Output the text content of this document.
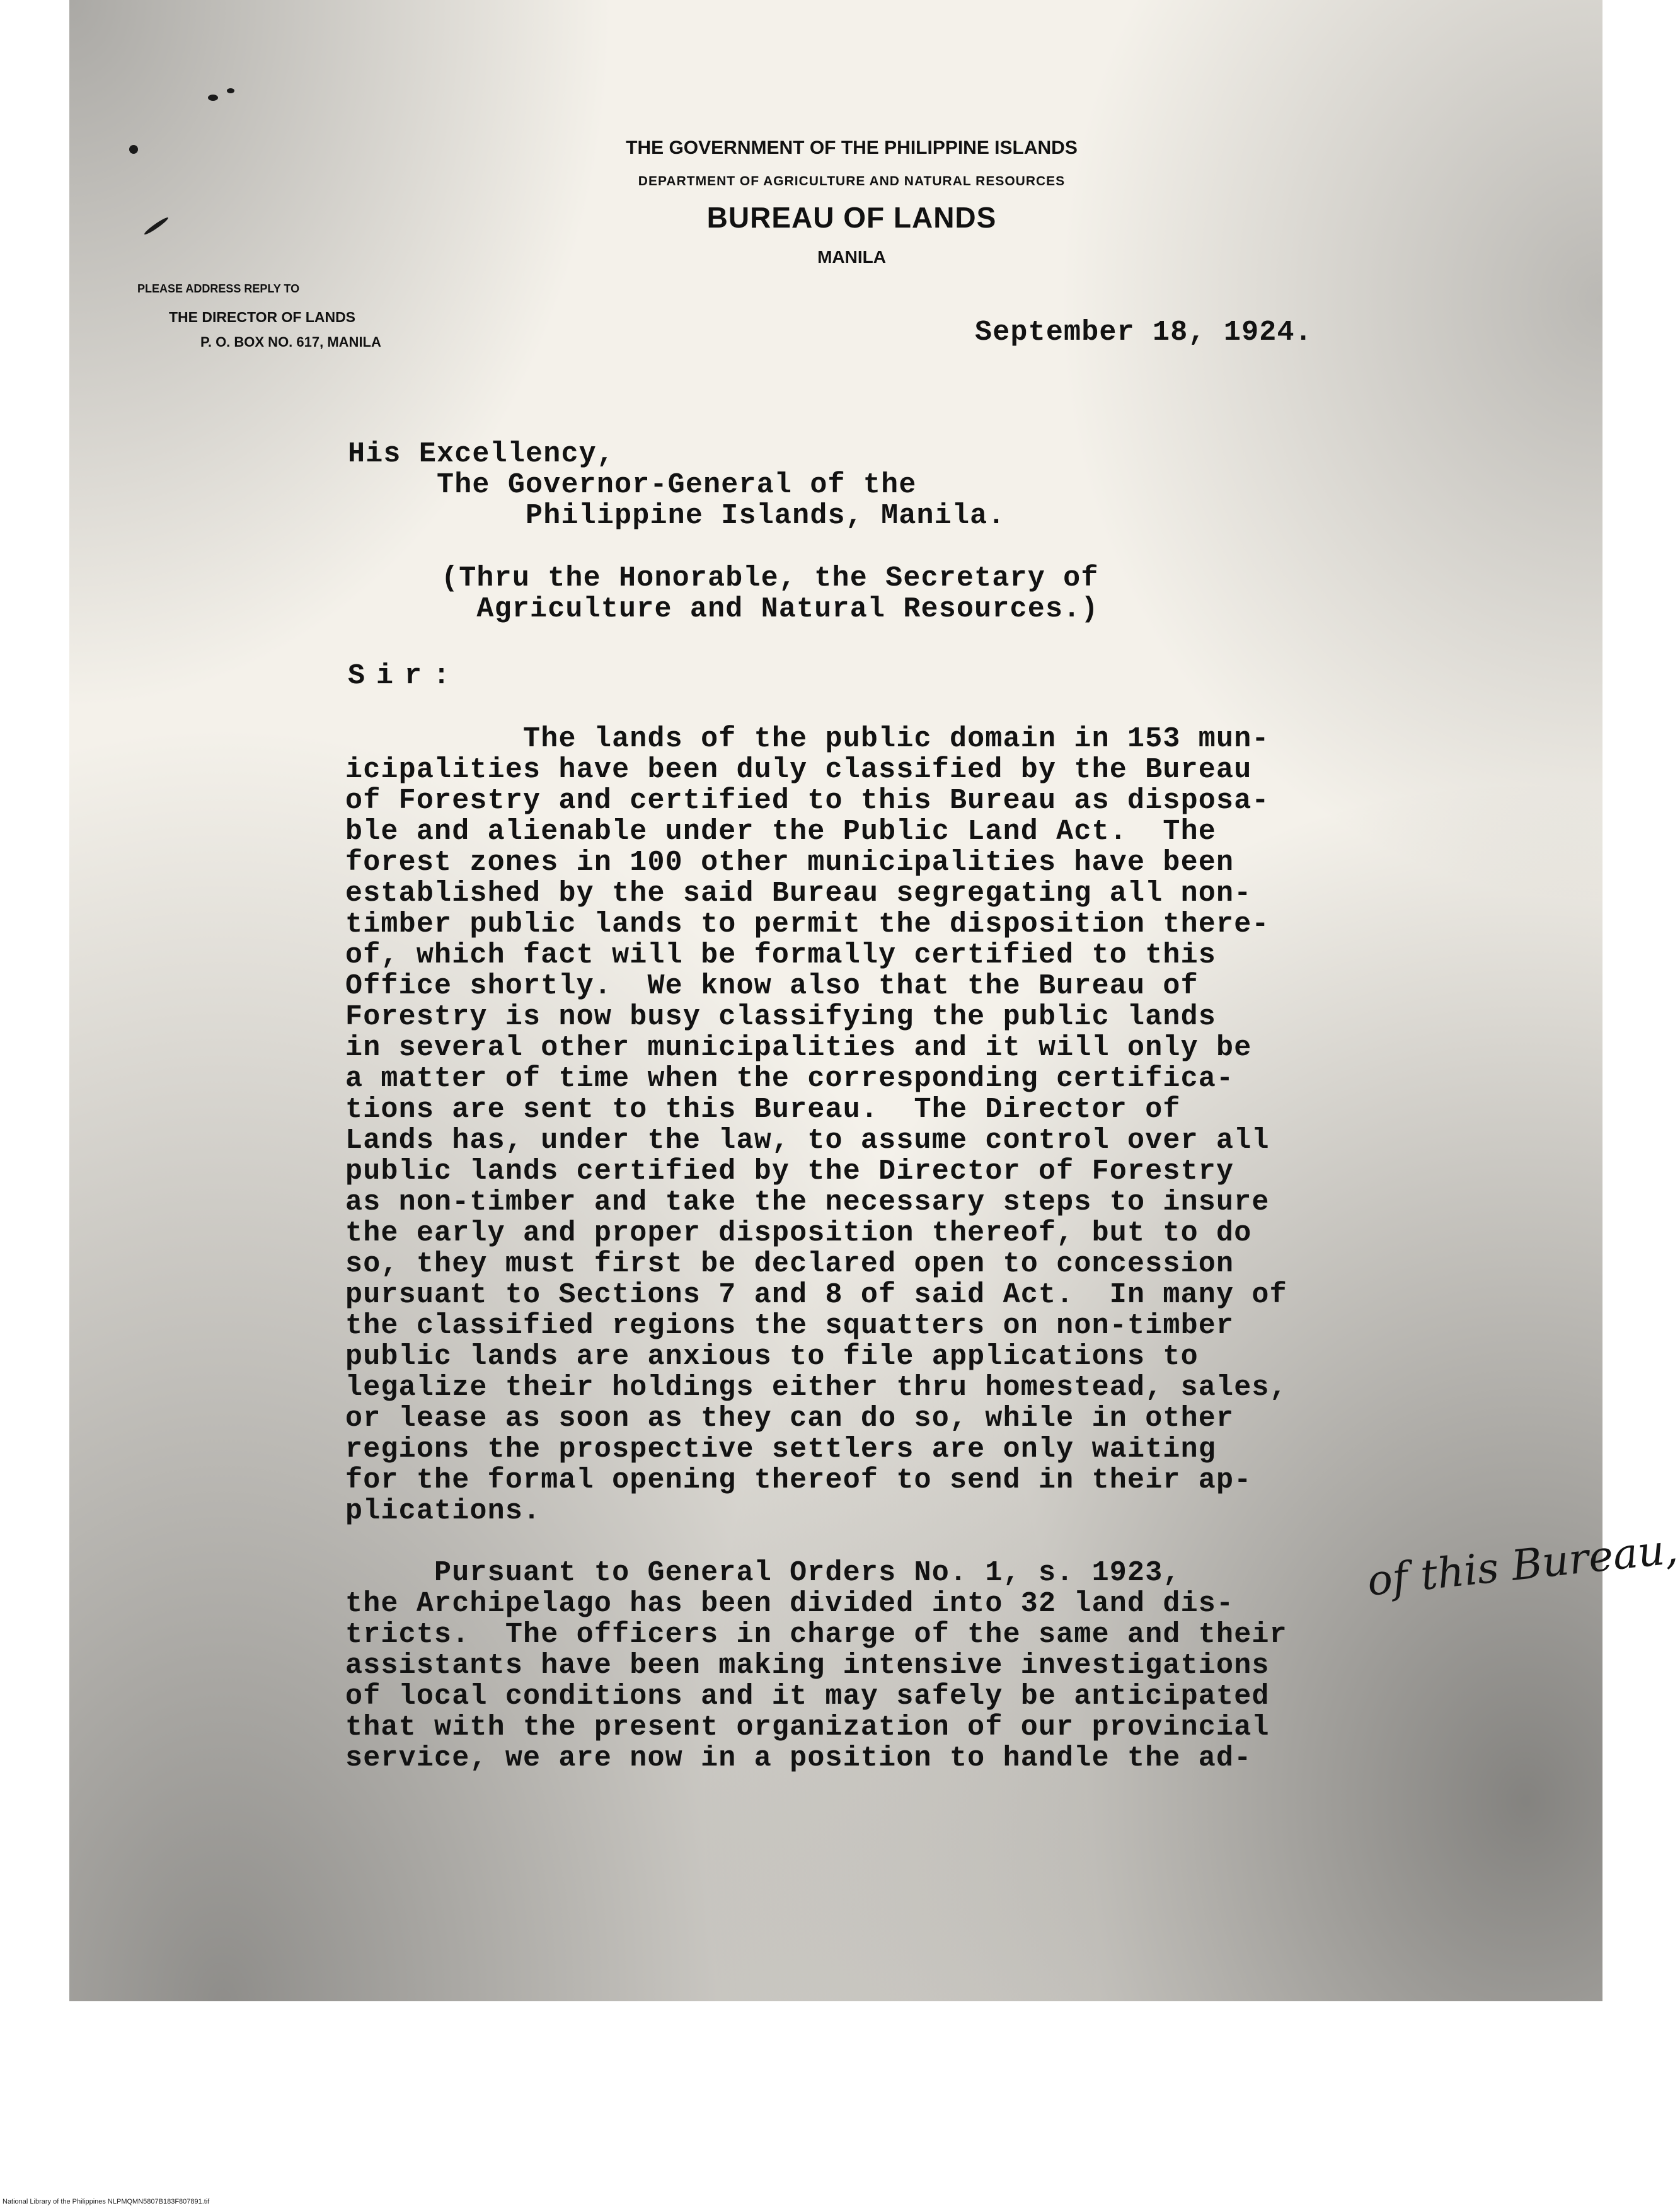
THE GOVERNMENT OF THE PHILIPPINE ISLANDS
DEPARTMENT OF AGRICULTURE AND NATURAL RESOURCES
BUREAU OF LANDS
MANILA
PLEASE ADDRESS REPLY TO
THE DIRECTOR OF LANDS
P. O. BOX NO. 617, MANILA	September 18, 1924.
His Excellency,
The Governor-General of the
Philippine Islands, Manila.
(Thru the Honorable, the Secretary of
Agriculture and Natural Resources.)
Sir:
The lands of the public domain in 153 mun-
icipalities have been duly classified by the Bureau
of Forestry and certified to this Bureau as disposa-
ble and alienable under the Public Land Act.  The
forest zones in 100 other municipalities have been
established by the said Bureau segregating all non-
timber public lands to permit the disposition there-
of, which fact will be formally certified to this
Office shortly.  We know also that the Bureau of
Forestry is now busy classifying the public lands
in several other municipalities and it will only be
a matter of time when the corresponding certifica-
tions are sent to this Bureau.  The Director of
Lands has, under the law, to assume control over all
public lands certified by the Director of Forestry
as non-timber and take the necessary steps to insure
the early and proper disposition thereof, but to do
so, they must first be declared open to concession
pursuant to Sections 7 and 8 of said Act.  In many of
the classified regions the squatters on non-timber
public lands are anxious to file applications to
legalize their holdings either thru homestead, sales,
or lease as soon as they can do so, while in other
regions the prospective settlers are only waiting
for the formal opening thereof to send in their ap-
plications.
Pursuant to General Orders No. 1, s. 1923,
the Archipelago has been divided into 32 land dis-
tricts.  The officers in charge of the same and their
assistants have been making intensive investigations
of local conditions and it may safely be anticipated
that with the present organization of our provincial
service, we are now in a position to handle the ad-
of this Bureau,
National Library of the Philippines NLPMQMN5807B183F807891.tif
